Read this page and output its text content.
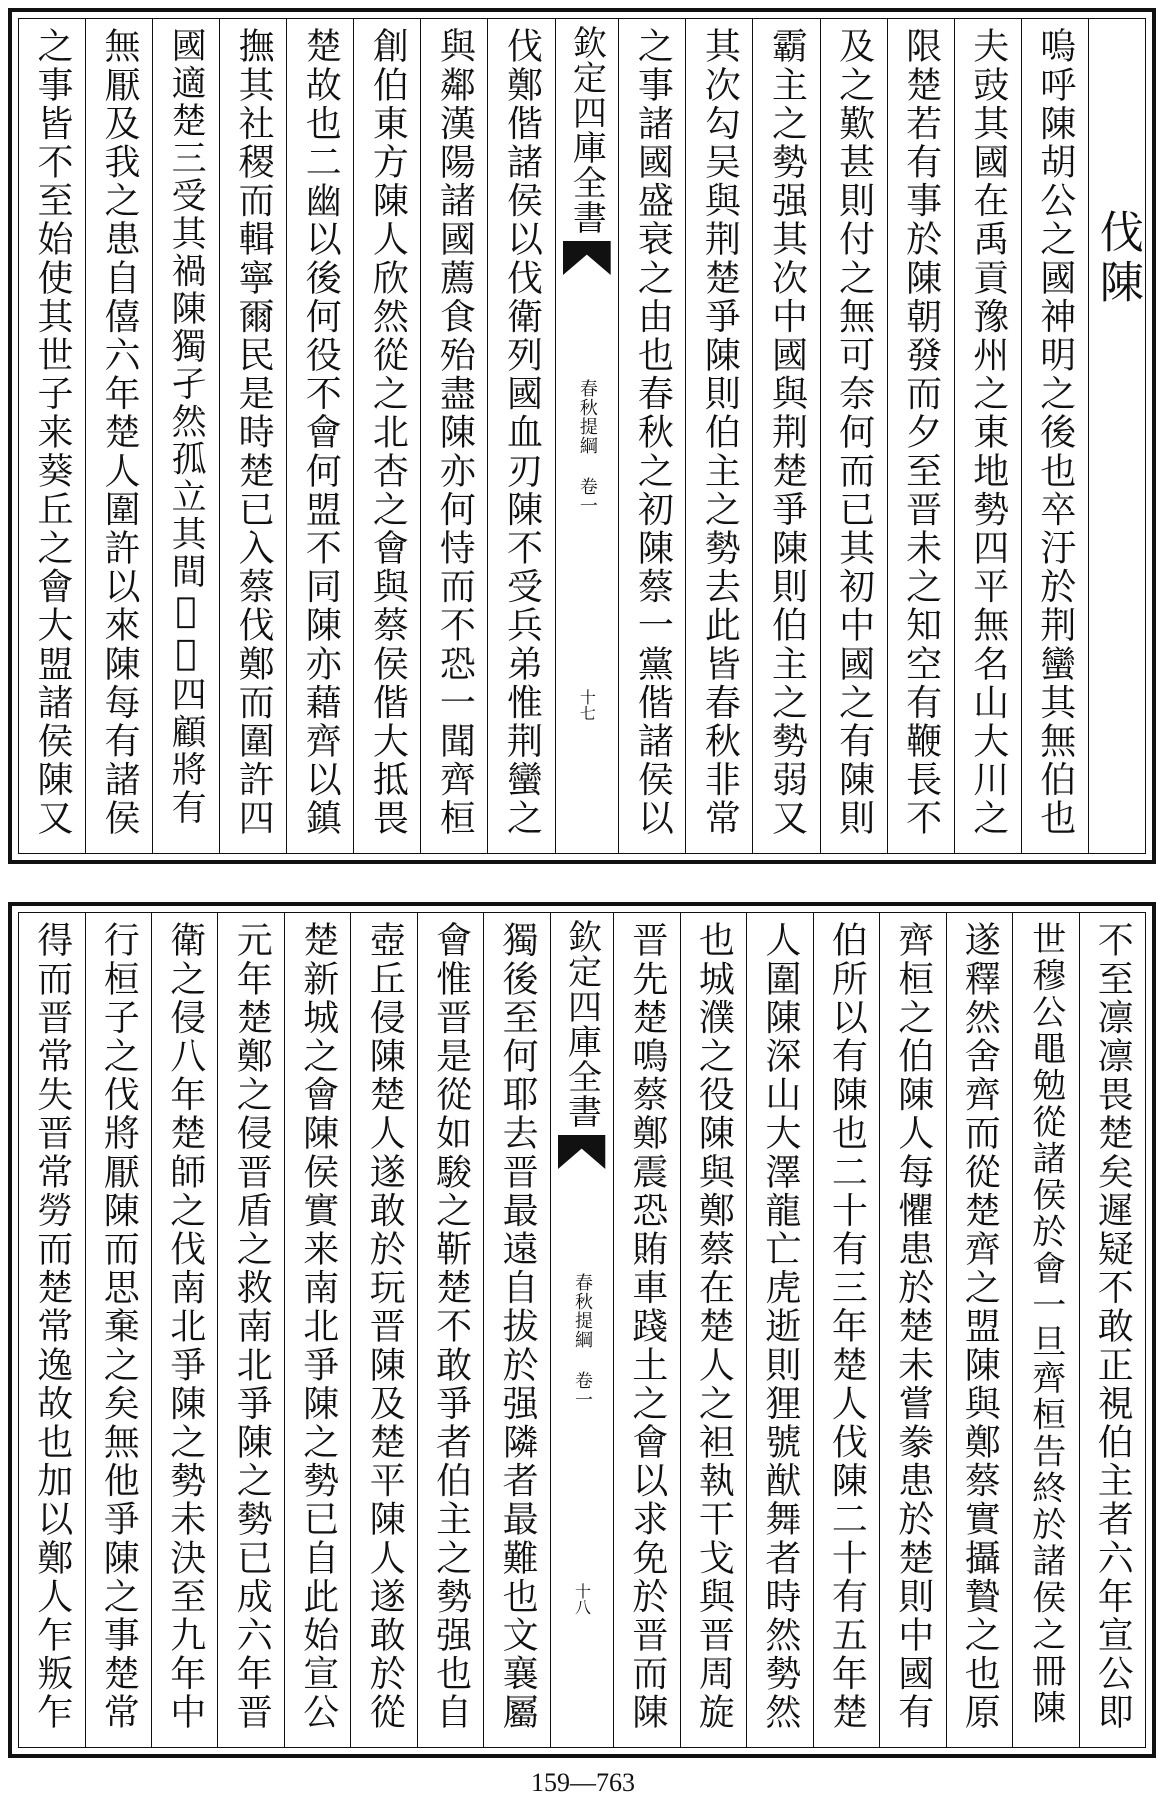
伐陳
嗚呼陳胡公之國神明之後也卒汙於荆蠻其無伯也
夫豉其國在禹貢豫州之東地勢四平無名山大川之
限楚若有事於陳朝發而夕至晋未之知空有鞭長不
及之歎甚則付之無可奈何而已其初中國之有陳則
霸主之勢强其次中國與荆楚爭陳則伯主之勢弱又
其次勾吴與荆楚爭陳則伯主之勢去此皆春秋非常
之事諸國盛衰之由也春秋之初陳蔡一黨偕諸侯以
欽定四庫全書
春秋提綱 卷一
十七
伐鄭偕諸侯以伐衛列國血刃陳不受兵弟惟荆蠻之
與鄰漢陽諸國薦食殆盡陳亦何恃而不恐一聞齊桓
創伯東方陳人欣然從之北杏之會與蔡侯偕大抵畏
楚故也二幽以後何役不會何盟不同陳亦藉齊以鎮
撫其社稷而輯寧爾民是時楚已入蔡伐鄭而圍許四
國適楚三受其禍陳獨孑然孤立其間𩖪𩖪四顧將有
無厭及我之患自僖六年楚人圍許以來陳每有諸侯
之事皆不至始使其世子来葵丘之會大盟諸侯陳又
不至凛凛畏楚矣遲疑不敢正視伯主者六年宣公即
世穆公黽勉從諸侯於會一旦齊桓告終於諸侯之冊陳
遂釋然舍齊而從楚齊之盟陳與鄭蔡實攝贄之也原
齊桓之伯陳人每懼患於楚未嘗豢患於楚則中國有
伯所以有陳也二十有三年楚人伐陳二十有五年楚
人圍陳深山大澤龍亡虎逝則狸號猷舞者時然勢然
也城濮之役陳與鄭蔡在楚人之袒執干戈與晋周旋
晋先楚鳴蔡鄭震恐賄車踐土之會以求免於晋而陳
欽定四庫全書
春秋提綱 卷一
十八
獨後至何耶去晋最遠自拔於强隣者最難也文襄屬
會惟晋是從如駿之靳楚不敢爭者伯主之勢强也自
壺丘侵陳楚人遂敢於玩晋陳及楚平陳人遂敢於從
楚新城之會陳侯實来南北爭陳之勢已自此始宣公
元年楚鄭之侵晋盾之救南北爭陳之勢已成六年晋
衛之侵八年楚師之伐南北爭陳之勢未決至九年中
行桓子之伐將厭陳而思棄之矣無他爭陳之事楚常
得而晋常失晋常勞而楚常逸故也加以鄭人乍叛乍
159—763
